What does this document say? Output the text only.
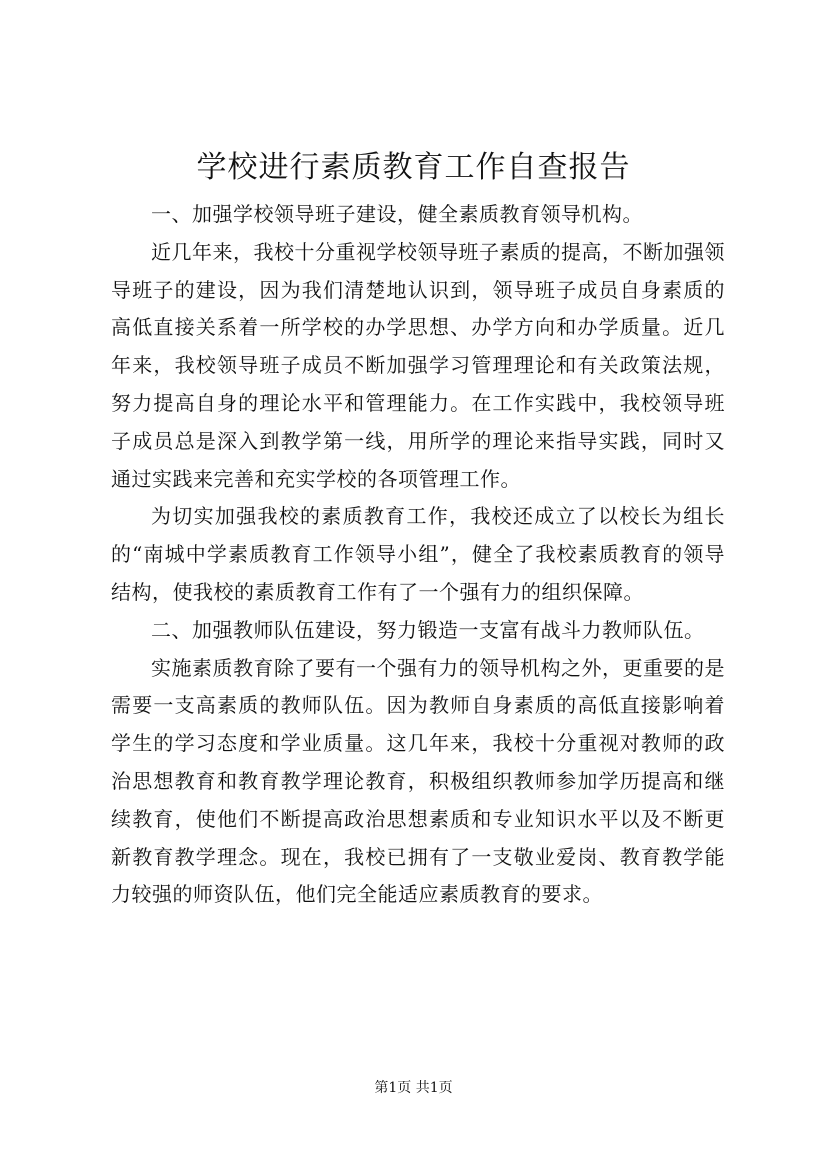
学校进行素质教育工作自查报告

一、加强学校领导班子建设，健全素质教育领导机构。

近几年来，我校十分重视学校领导班子素质的提高，不断加强领导班子的建设，因为我们清楚地认识到，领导班子成员自身素质的高低直接关系着一所学校的办学思想、办学方向和办学质量。近几年来，我校领导班子成员不断加强学习管理理论和有关政策法规，努力提高自身的理论水平和管理能力。在工作实践中，我校领导班子成员总是深入到教学第一线，用所学的理论来指导实践，同时又通过实践来完善和充实学校的各项管理工作。

为切实加强我校的素质教育工作，我校还成立了以校长为组长的“南城中学素质教育工作领导小组”，健全了我校素质教育的领导结构，使我校的素质教育工作有了一个强有力的组织保障。

二、加强教师队伍建设，努力锻造一支富有战斗力教师队伍。

实施素质教育除了要有一个强有力的领导机构之外，更重要的是需要一支高素质的教师队伍。因为教师自身素质的高低直接影响着学生的学习态度和学业质量。这几年来，我校十分重视对教师的政治思想教育和教育教学理论教育，积极组织教师参加学历提高和继续教育，使他们不断提高政治思想素质和专业知识水平以及不断更新教育教学理念。现在，我校已拥有了一支敬业爱岗、教育教学能力较强的师资队伍，他们完全能适应素质教育的要求。

第1页 共1页
